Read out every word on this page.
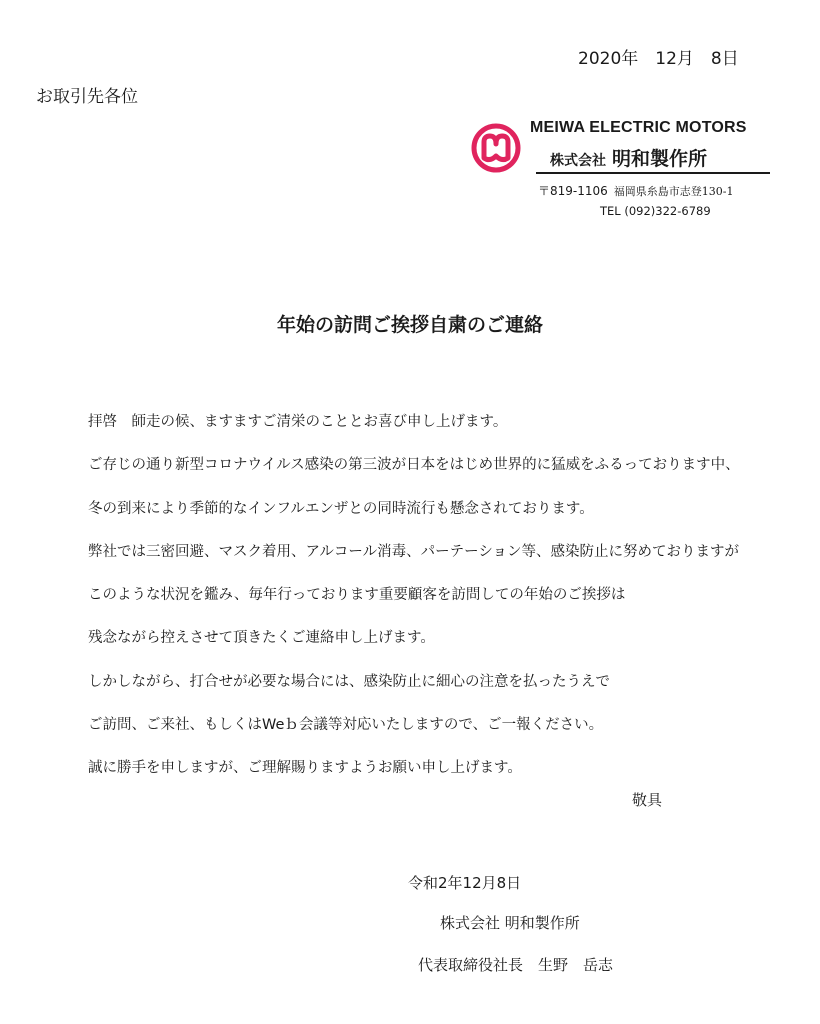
2020年　12月　8日
お取引先各位
MEIWA ELECTRIC MOTORS
株式会社 明和製作所
〒819-1106 福岡県糸島市志登130-1
TEL (092)322-6789
年始の訪問ご挨拶自粛のご連絡
拝啓　師走の候、ますますご清栄のこととお喜び申し上げます。
ご存じの通り新型コロナウイルス感染の第三波が日本をはじめ世界的に猛威をふるっております中、
冬の到来により季節的なインフルエンザとの同時流行も懸念されております。
弊社では三密回避、マスク着用、アルコール消毒、パーテーション等、感染防止に努めておりますが
このような状況を鑑み、毎年行っております重要顧客を訪問しての年始のご挨拶は
残念ながら控えさせて頂きたくご連絡申し上げます。
しかしながら、打合せが必要な場合には、感染防止に細心の注意を払ったうえで
ご訪問、ご来社、もしくはWeｂ会議等対応いたしますので、ご一報ください。
誠に勝手を申しますが、ご理解賜りますようお願い申し上げます。
敬具
令和2年12月8日
株式会社 明和製作所
代表取締役社長　生野　岳志
